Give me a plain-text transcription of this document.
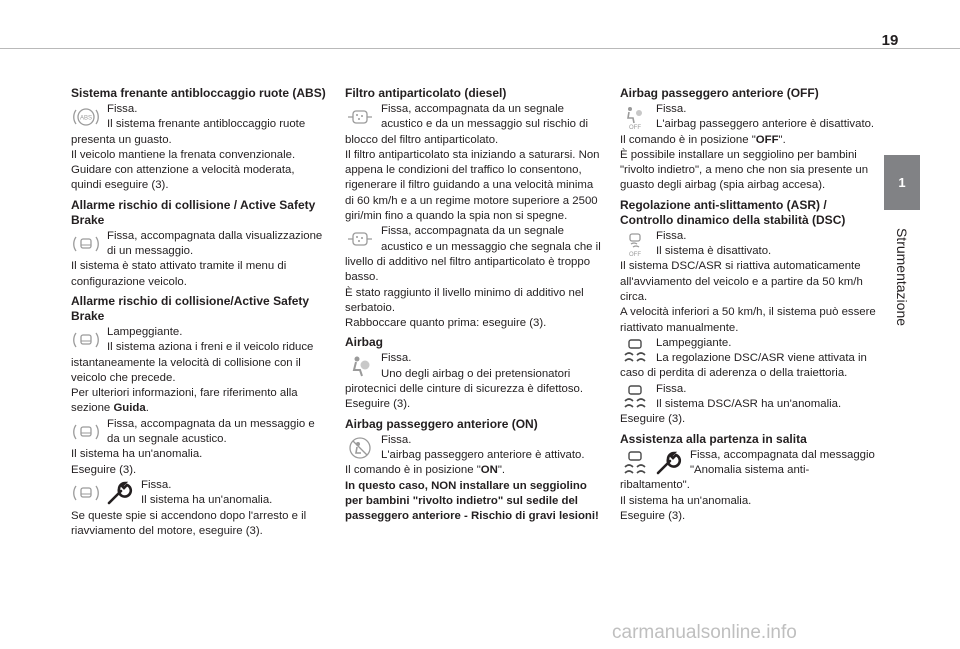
19
1
Strumentazione
Sistema frenante antibloccaggio ruote (ABS)
ABS

Fissa.

Il sistema frenante antibloccaggio ruote presenta un guasto.

Il veicolo mantiene la frenata convenzionale.

Guidare con attenzione a velocità moderata, quindi eseguire (3).

Allarme rischio di collisione / Active Safety Brake

Fissa, accompagnata dalla visualizzazione di un messaggio.

Il sistema è stato attivato tramite il menu di configurazione veicolo.

Allarme rischio di collisione/Active Safety Brake

Lampeggiante.

Il sistema aziona i freni e il veicolo riduce istantaneamente la velocità di collisione con il veicolo che precede.

Per ulteriori informazioni, fare riferimento alla sezione Guida.

Fissa, accompagnata da un messaggio e da un segnale acustico.

Il sistema ha un'anomalia.

Eseguire (3).

Fissa.

Il sistema ha un'anomalia.

Se queste spie si accendono dopo l'arresto e il riavviamento del motore, eseguire (3).

Filtro antiparticolato (diesel)

Fissa, accompagnata da un segnale acustico e da un messaggio sul rischio di blocco del filtro antiparticolato.

Il filtro antiparticolato sta iniziando a saturarsi. Non appena le condizioni del traffico lo consentono, rigenerare il filtro guidando a una velocità minima di 60 km/h e a un regime motore superiore a 2500 giri/min fino a quando la spia non si spegne.

Fissa, accompagnata da un segnale acustico e un messaggio che segnala che il livello di additivo nel filtro antiparticolato è troppo basso.

È stato raggiunto il livello minimo di additivo nel serbatoio.

Rabboccare quanto prima: eseguire (3).

Airbag

Fissa.

Uno degli airbag o dei pretensionatori pirotecnici delle cinture di sicurezza è difettoso.

Eseguire (3).

Airbag passeggero anteriore (ON)

Fissa.

L'airbag passeggero anteriore è attivato.

Il comando è in posizione "ON".

In questo caso, NON installare un seggiolino per bambini "rivolto indietro" sul sedile del passeggero anteriore - Rischio di gravi lesioni!

Airbag passeggero anteriore (OFF)
OFF

Fissa.

L'airbag passeggero anteriore è disattivato.

Il comando è in posizione "OFF".

È possibile installare un seggiolino per bambini "rivolto indietro", a meno che non sia presente un guasto degli airbag (spia airbag accesa).

Regolazione anti-slittamento (ASR) / Controllo dinamico della stabilità (DSC)
OFF

Fissa.

Il sistema è disattivato.

Il sistema DSC/ASR si riattiva automaticamente all'avviamento del veicolo e a partire da 50 km/h circa.

A velocità inferiori a 50 km/h, il sistema può essere riattivato manualmente.

Lampeggiante.

La regolazione DSC/ASR viene attivata in caso di perdita di aderenza o della traiettoria.

Fissa.

Il sistema DSC/ASR ha un'anomalia.

Eseguire (3).

Assistenza alla partenza in salita

Fissa, accompagnata dal messaggio "Anomalia sistema anti-ribaltamento".

Il sistema ha un'anomalia.

Eseguire (3).

carmanualsonline.info
